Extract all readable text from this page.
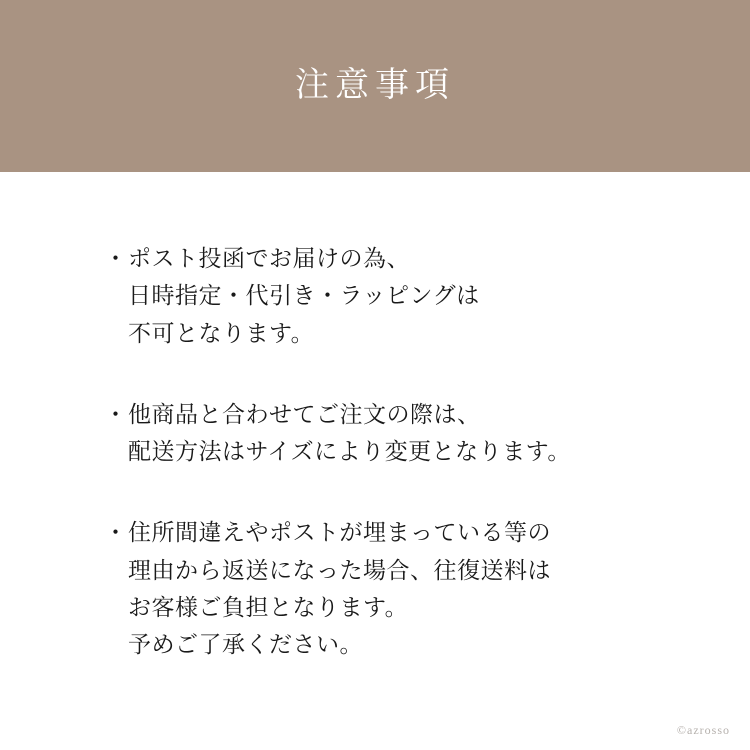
注意事項
・ ポスト投函でお届けの為、
日時指定・代引き・ラッピングは
不可となります。
・ 他商品と合わせてご注文の際は、
配送方法はサイズにより変更となります。
・ 住所間違えやポストが埋まっている等の
理由から返送になった場合、往復送料は
お客様ご負担となります。
予めご了承ください。
©azrosso
